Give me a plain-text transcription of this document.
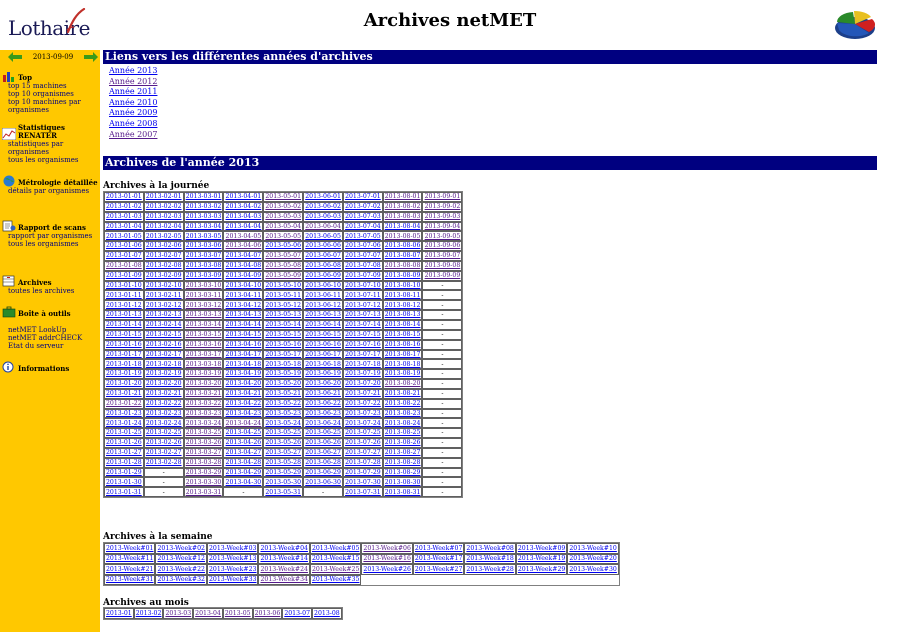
Lothaire	Archives netMET
2013-09-09
Top
top 15 machines
top 10 organismes
top 10 machines par organismes
Statistiques RENATER
statistiques par organismes
tous les organismes
Métrologie détaillée
détails par organismes
Rapport de scans
rapport par organismes
tous les organismes
Archives
toutes les archives
Boîte à outils
netMET LookUp
netMET addrCHECK
Etat du serveur
Informations
Liens vers les différentes années d'archives
Année 2013
Année 2012
Année 2011
Année 2010
Année 2009
Année 2008
Année 2007
Archives de l'année 2013
Archives à la journée
2013-01-01	2013-02-01	2013-03-01	2013-04-01	2013-05-01	2013-06-01	2013-07-01	2013-08-01	2013-09-01
2013-01-02	2013-02-02	2013-03-02	2013-04-02	2013-05-02	2013-06-02	2013-07-02	2013-08-02	2013-09-02
2013-01-03	2013-02-03	2013-03-03	2013-04-03	2013-05-03	2013-06-03	2013-07-03	2013-08-03	2013-09-03
2013-01-04	2013-02-04	2013-03-04	2013-04-04	2013-05-04	2013-06-04	2013-07-04	2013-08-04	2013-09-04
2013-01-05	2013-02-05	2013-03-05	2013-04-05	2013-05-05	2013-06-05	2013-07-05	2013-08-05	2013-09-05
2013-01-06	2013-02-06	2013-03-06	2013-04-06	2013-05-06	2013-06-06	2013-07-06	2013-08-06	2013-09-06
2013-01-07	2013-02-07	2013-03-07	2013-04-07	2013-05-07	2013-06-07	2013-07-07	2013-08-07	2013-09-07
2013-01-08	2013-02-08	2013-03-08	2013-04-08	2013-05-08	2013-06-08	2013-07-08	2013-08-08	2013-09-08
2013-01-09	2013-02-09	2013-03-09	2013-04-09	2013-05-09	2013-06-09	2013-07-09	2013-08-09	2013-09-09
2013-01-10	2013-02-10	2013-03-10	2013-04-10	2013-05-10	2013-06-10	2013-07-10	2013-08-10	-
2013-01-11	2013-02-11	2013-03-11	2013-04-11	2013-05-11	2013-06-11	2013-07-11	2013-08-11	-
2013-01-12	2013-02-12	2013-03-12	2013-04-12	2013-05-12	2013-06-12	2013-07-12	2013-08-12	-
2013-01-13	2013-02-13	2013-03-13	2013-04-13	2013-05-13	2013-06-13	2013-07-13	2013-08-13	-
2013-01-14	2013-02-14	2013-03-14	2013-04-14	2013-05-14	2013-06-14	2013-07-14	2013-08-14	-
2013-01-15	2013-02-15	2013-03-15	2013-04-15	2013-05-15	2013-06-15	2013-07-15	2013-08-15	-
2013-01-16	2013-02-16	2013-03-16	2013-04-16	2013-05-16	2013-06-16	2013-07-16	2013-08-16	-
2013-01-17	2013-02-17	2013-03-17	2013-04-17	2013-05-17	2013-06-17	2013-07-17	2013-08-17	-
2013-01-18	2013-02-18	2013-03-18	2013-04-18	2013-05-18	2013-06-18	2013-07-18	2013-08-18	-
2013-01-19	2013-02-19	2013-03-19	2013-04-19	2013-05-19	2013-06-19	2013-07-19	2013-08-19	-
2013-01-20	2013-02-20	2013-03-20	2013-04-20	2013-05-20	2013-06-20	2013-07-20	2013-08-20	-
2013-01-21	2013-02-21	2013-03-21	2013-04-21	2013-05-21	2013-06-21	2013-07-21	2013-08-21	-
2013-01-22	2013-02-22	2013-03-22	2013-04-22	2013-05-22	2013-06-22	2013-07-22	2013-08-22	-
2013-01-23	2013-02-23	2013-03-23	2013-04-23	2013-05-23	2013-06-23	2013-07-23	2013-08-23	-
2013-01-24	2013-02-24	2013-03-24	2013-04-24	2013-05-24	2013-06-24	2013-07-24	2013-08-24	-
2013-01-25	2013-02-25	2013-03-25	2013-04-25	2013-05-25	2013-06-25	2013-07-25	2013-08-25	-
2013-01-26	2013-02-26	2013-03-26	2013-04-26	2013-05-26	2013-06-26	2013-07-26	2013-08-26	-
2013-01-27	2013-02-27	2013-03-27	2013-04-27	2013-05-27	2013-06-27	2013-07-27	2013-08-27	-
2013-01-28	2013-02-28	2013-03-28	2013-04-28	2013-05-28	2013-06-28	2013-07-28	2013-08-28	-
2013-01-29	-	2013-03-29	2013-04-29	2013-05-29	2013-06-29	2013-07-29	2013-08-29	-
2013-01-30	-	2013-03-30	2013-04-30	2013-05-30	2013-06-30	2013-07-30	2013-08-30	-
2013-01-31	-	2013-03-31	-	2013-05-31	-	2013-07-31	2013-08-31	-
Archives à la semaine
2013-Week#01	2013-Week#02	2013-Week#03	2013-Week#04	2013-Week#05	2013-Week#06	2013-Week#07	2013-Week#08	2013-Week#09	2013-Week#10
2013-Week#11	2013-Week#12	2013-Week#13	2013-Week#14	2013-Week#15	2013-Week#16	2013-Week#17	2013-Week#18	2013-Week#19	2013-Week#20
2013-Week#21	2013-Week#22	2013-Week#23	2013-Week#24	2013-Week#25	2013-Week#26	2013-Week#27	2013-Week#28	2013-Week#29	2013-Week#30
2013-Week#31	2013-Week#32	2013-Week#33	2013-Week#34	2013-Week#35					
Archives au mois
2013-01	2013-02	2013-03	2013-04	2013-05	2013-06	2013-07	2013-08
